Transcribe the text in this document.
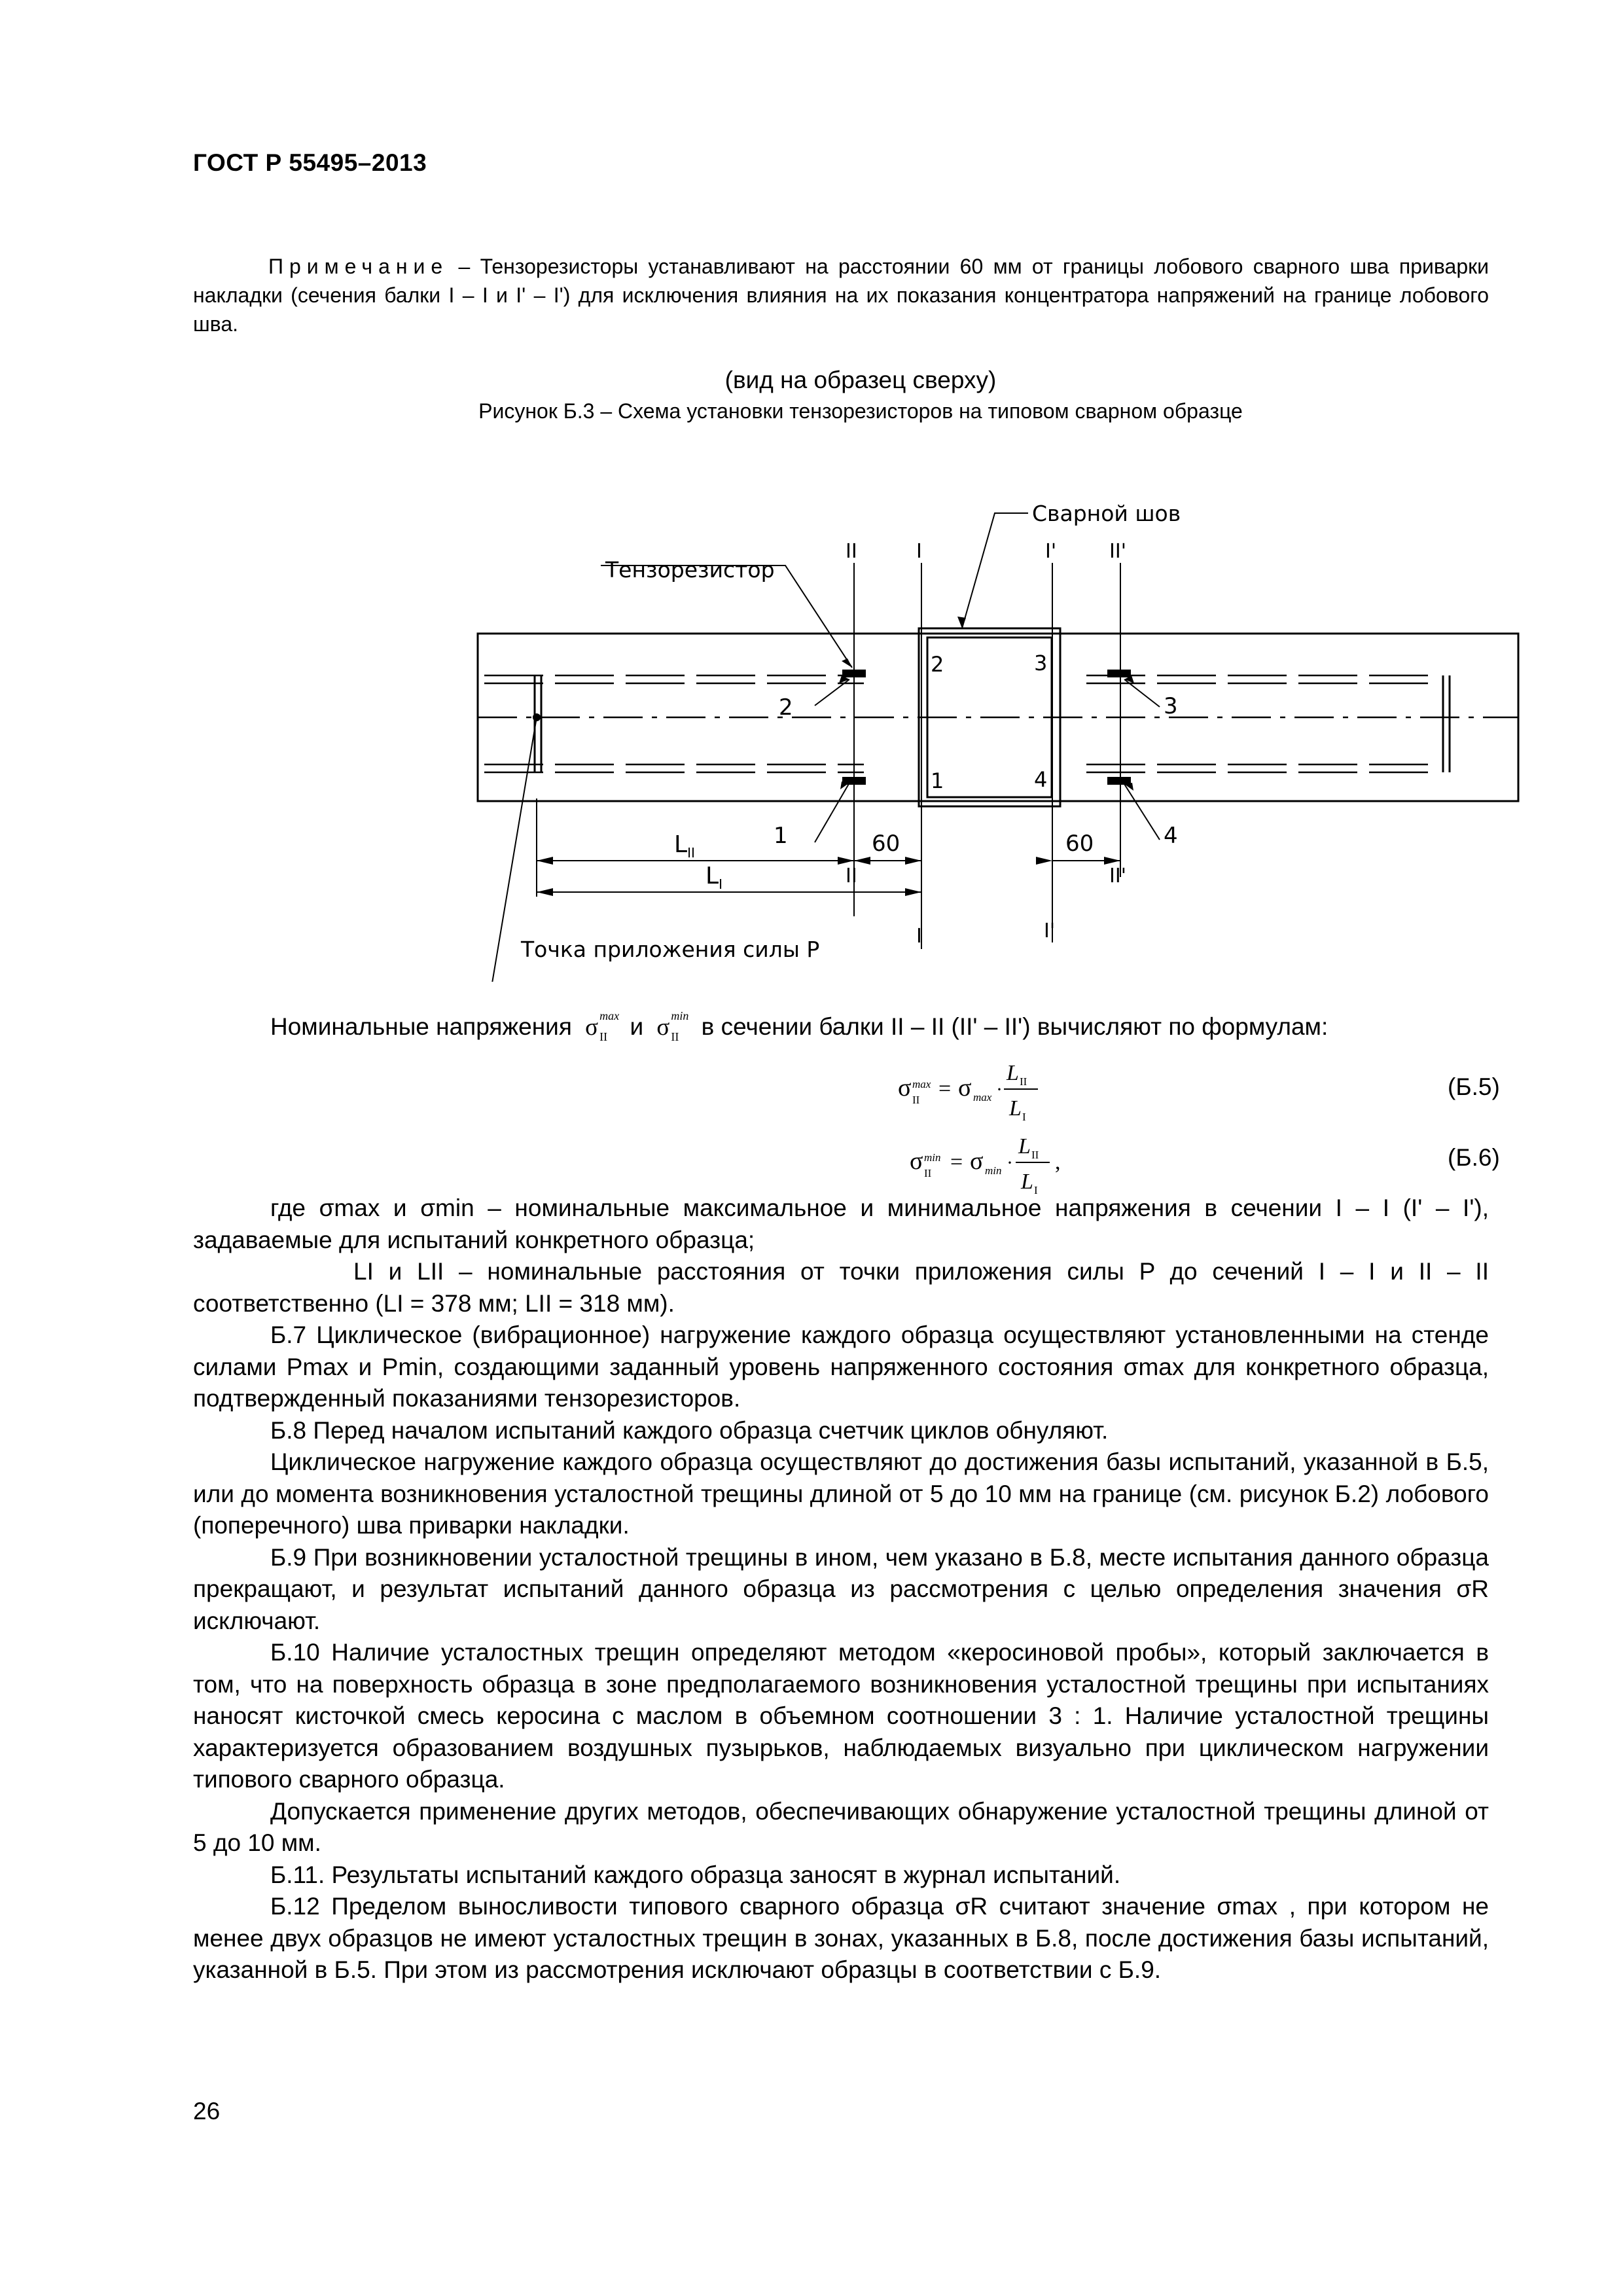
ГОСТ Р 55495–2013
Примечание – Тензорезисторы устанавливают на расстоянии 60 мм от границы лобового сварного шва приварки накладки (сечения балки I – I и I' – I') для исключения влияния на их показания концентратора напряжений на границе лобового шва.
(вид на образец сверху)
Рисунок Б.3 – Схема установки тензорезисторов на типовом сварном образце
Сварной шов
Тензорезистор
Точка приложения силы P
II	I	I'	II'
II
I	I'
II'
60	60
$L_{II}$
$L_I$
1
2	3
4
1
2	3
4
Номинальные напряжения σ max
II и σ min
II в сечении балки II – II (II' – II') вычисляют по формулам:
σ max
II = σ max ·
L II
L I
(Б.5)
σ min
II = σ min ·
L II
L I
,	(Б.6)

где σmax и σmin – номинальные максимальное и минимальное напряжения в сечении I – I (I' – I'), задаваемые для испытаний конкретного образца;

LI и LII – номинальные расстояния от точки приложения силы P до сечений I – I и II – II соответственно (LI = 378 мм; LII = 318 мм).

Б.7 Циклическое (вибрационное) нагружение каждого образца осуществляют установленными на стенде силами Pmax и Pmin, создающими заданный уровень напряженного состояния σmax для конкретного образца, подтвержденный показаниями тензорезисторов.

Б.8 Перед началом испытаний каждого образца счетчик циклов обнуляют.

Циклическое нагружение каждого образца осуществляют до достижения базы испытаний, указанной в Б.5, или до момента возникновения усталостной трещины длиной от 5 до 10 мм на границе (см. рисунок Б.2) лобового (поперечного) шва приварки накладки.

Б.9 При возникновении усталостной трещины в ином, чем указано в Б.8, месте испытания данного образца прекращают, и результат испытаний данного образца из рассмотрения с целью определения значения σR исключают.

Б.10 Наличие усталостных трещин определяют методом «керосиновой пробы», который заключается в том, что на поверхность образца в зоне предполагаемого возникновения усталостной трещины при испытаниях наносят кисточкой смесь керосина с маслом в объемном соотношении 3 : 1. Наличие усталостной трещины характеризуется образованием воздушных пузырьков, наблюдаемых визуально при циклическом нагружении типового сварного образца.

Допускается применение других методов, обеспечивающих обнаружение усталостной трещины длиной от 5 до 10 мм.

Б.11. Результаты испытаний каждого образца заносят в журнал испытаний.

Б.12 Пределом выносливости типового сварного образца σR считают значение σmax , при котором не менее двух образцов не имеют усталостных трещин в зонах, указанных в Б.8, после достижения базы испытаний, указанной в Б.5. При этом из рассмотрения исключают образцы в соответствии с Б.9.

26
